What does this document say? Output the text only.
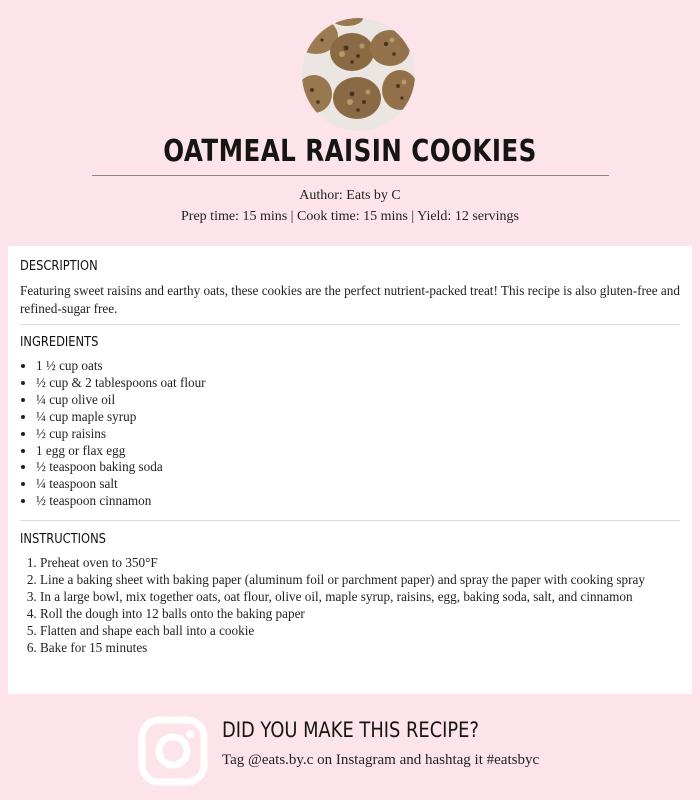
OATMEAL RAISIN COOKIES
Author: Eats by C
Prep time: 15 mins | Cook time: 15 mins | Yield: 12 servings
DESCRIPTION

Featuring sweet raisins and earthy oats, these cookies are the perfect nutrient-packed treat! This recipe is also gluten-free and refined-sugar free.

INGREDIENTS
• 1 ½ cup oats
• ½ cup & 2 tablespoons oat flour
• ¼ cup olive oil
• ¼ cup maple syrup
• ½ cup raisins
• 1 egg or flax egg
• ½ teaspoon baking soda
• ¼ teaspoon salt
• ½ teaspoon cinnamon
INSTRUCTIONS
1. Preheat oven to 350°F
2. Line a baking sheet with baking paper (aluminum foil or parchment paper) and spray the paper with cooking spray
3. In a large bowl, mix together oats, oat flour, olive oil, maple syrup, raisins, egg, baking soda, salt, and cinnamon
4. Roll the dough into 12 balls onto the baking paper
5. Flatten and shape each ball into a cookie
6. Bake for 15 minutes
DID YOU MAKE THIS RECIPE?
Tag @eats.by.c on Instagram and hashtag it #eatsbyc
